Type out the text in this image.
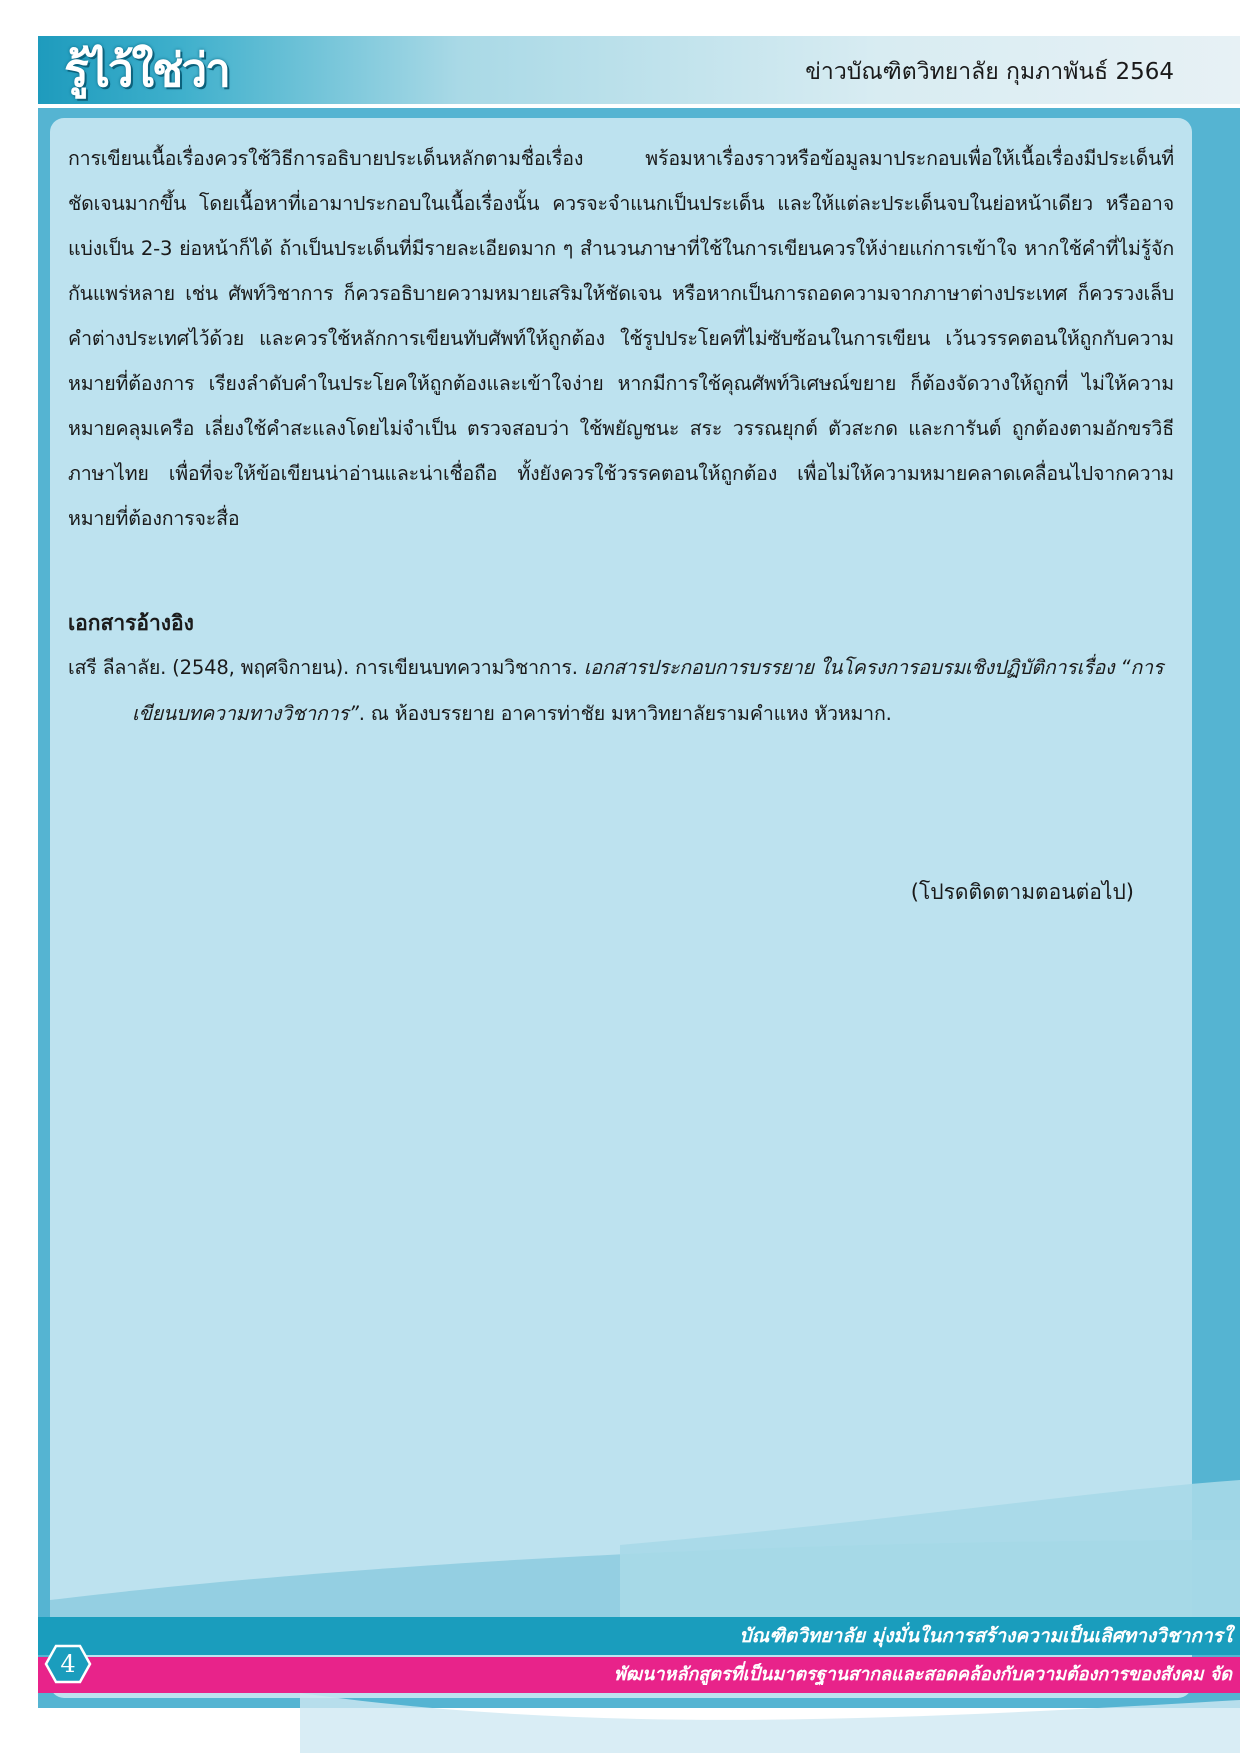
รู้ไว้ใช่ว่า	ข่าวบัณฑิตวิทยาลัย กุมภาพันธ์ 2564

การเขียนเนื้อเรื่องควรใช้วิธีการอธิบายประเด็นหลักตามชื่อเรื่อง พร้อมหาเรื่องราวหรือข้อมูลมาประกอบเพื่อให้เนื้อเรื่องมีประเด็นที่ชัดเจนมากขึ้น โดยเนื้อหาที่เอามาประกอบในเนื้อเรื่องนั้น ควรจะจำแนกเป็นประเด็น และให้แต่ละประเด็นจบในย่อหน้าเดียว หรืออาจแบ่งเป็น 2-3 ย่อหน้าก็ได้ ถ้าเป็นประเด็นที่มีรายละเอียดมาก ๆ สำนวนภาษาที่ใช้ในการเขียนควรให้ง่ายแก่การเข้าใจ หากใช้คำที่ไม่รู้จักกันแพร่หลาย เช่น ศัพท์วิชาการ ก็ควรอธิบายความหมายเสริมให้ชัดเจน หรือหากเป็นการถอดความจากภาษาต่างประเทศ ก็ควรวงเล็บคำต่างประเทศไว้ด้วย และควรใช้หลักการเขียนทับศัพท์ให้ถูกต้อง ใช้รูปประโยคที่ไม่ซับซ้อนในการเขียน เว้นวรรคตอนให้ถูกกับความหมายที่ต้องการ เรียงลำดับคำในประโยคให้ถูกต้องและเข้าใจง่าย หากมีการใช้คุณศัพท์วิเศษณ์ขยาย ก็ต้องจัดวางให้ถูกที่ ไม่ให้ความหมายคลุมเครือ เลี่ยงใช้คำสะแลงโดยไม่จำเป็น ตรวจสอบว่า ใช้พยัญชนะ สระ วรรณยุกต์ ตัวสะกด และการันต์ ถูกต้องตามอักขรวิธีภาษาไทย เพื่อที่จะให้ข้อเขียนน่าอ่านและน่าเชื่อถือ ทั้งยังควรใช้วรรคตอนให้ถูกต้อง เพื่อไม่ให้ความหมายคลาดเคลื่อนไปจากความหมายที่ต้องการจะสื่อ

เอกสารอ้างอิง

เสรี ลีลาลัย. (2548, พฤศจิกายน). การเขียนบทความวิชาการ. เอกสารประกอบการบรรยาย ในโครงการอบรมเชิงปฏิบัติการเรื่อง “การเขียนบทความทางวิชาการ”. ณ ห้องบรรยาย อาคารท่าชัย มหาวิทยาลัยรามคำแหง หัวหมาก.

(โปรดติดตามตอนต่อไป)
บัณฑิตวิทยาลัย มุ่งมั่นในการสร้างความเป็นเลิศทางวิชาการใ
พัฒนาหลักสูตรที่เป็นมาตรฐานสากลและสอดคล้องกับความต้องการของสังคม จัด
4
